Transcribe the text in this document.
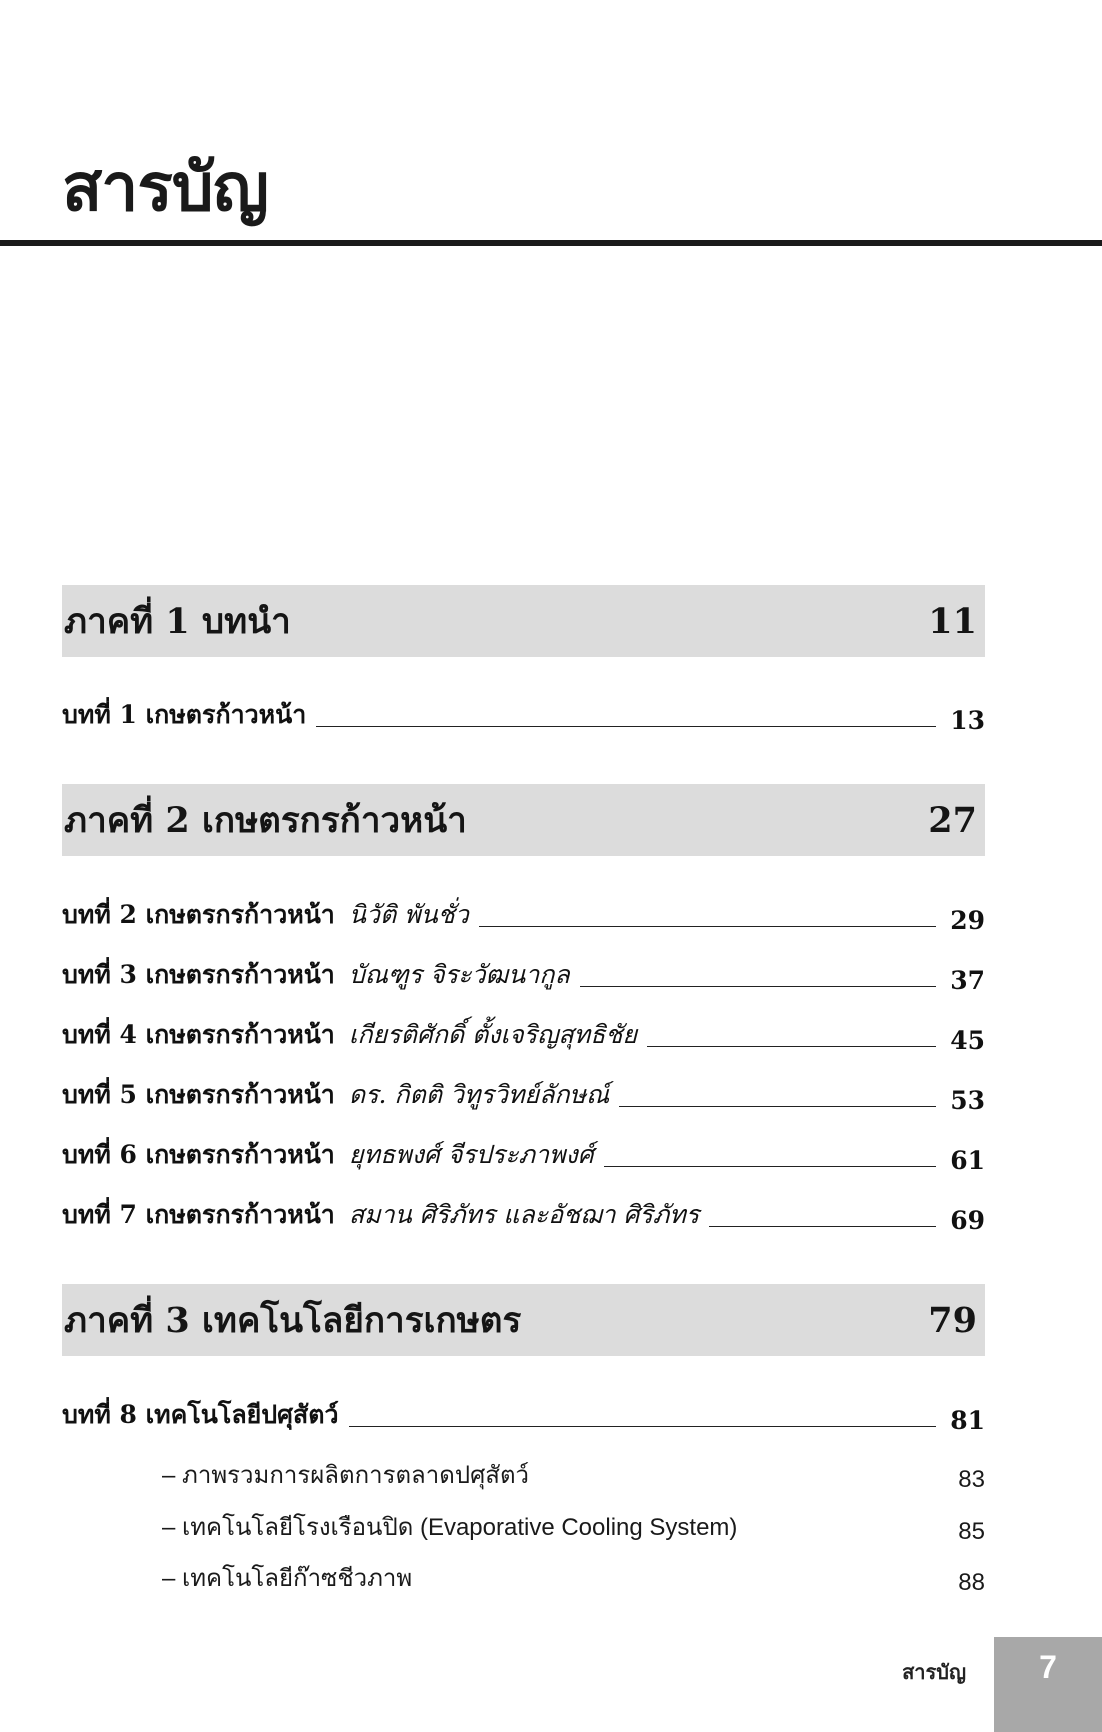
สารบัญ
ภาคที่ 1 บทนำ	11
บทที่ 1 เกษตรก้าวหน้า	13
ภาคที่ 2 เกษตรกรก้าวหน้า	27
บทที่ 2 เกษตรกรก้าวหน้า นิวัติ พันชั่ว	29
บทที่ 3 เกษตรกรก้าวหน้า บัณฑูร จิระวัฒนากูล	37
บทที่ 4 เกษตรกรก้าวหน้า เกียรติศักดิ์ ตั้งเจริญสุทธิชัย	45
บทที่ 5 เกษตรกรก้าวหน้า ดร. กิตติ วิทูรวิทย์ลักษณ์	53
บทที่ 6 เกษตรกรก้าวหน้า ยุทธพงศ์ จีรประภาพงศ์	61
บทที่ 7 เกษตรกรก้าวหน้า สมาน ศิริภัทร และอัชฌา ศิริภัทร	69
ภาคที่ 3 เทคโนโลยีการเกษตร	79
บทที่ 8 เทคโนโลยีปศุสัตว์	81
– ภาพรวมการผลิตการตลาดปศุสัตว์	83
– เทคโนโลยีโรงเรือนปิด (Evaporative Cooling System)	85
– เทคโนโลยีก๊าซชีวภาพ	88
สารบัญ 7
